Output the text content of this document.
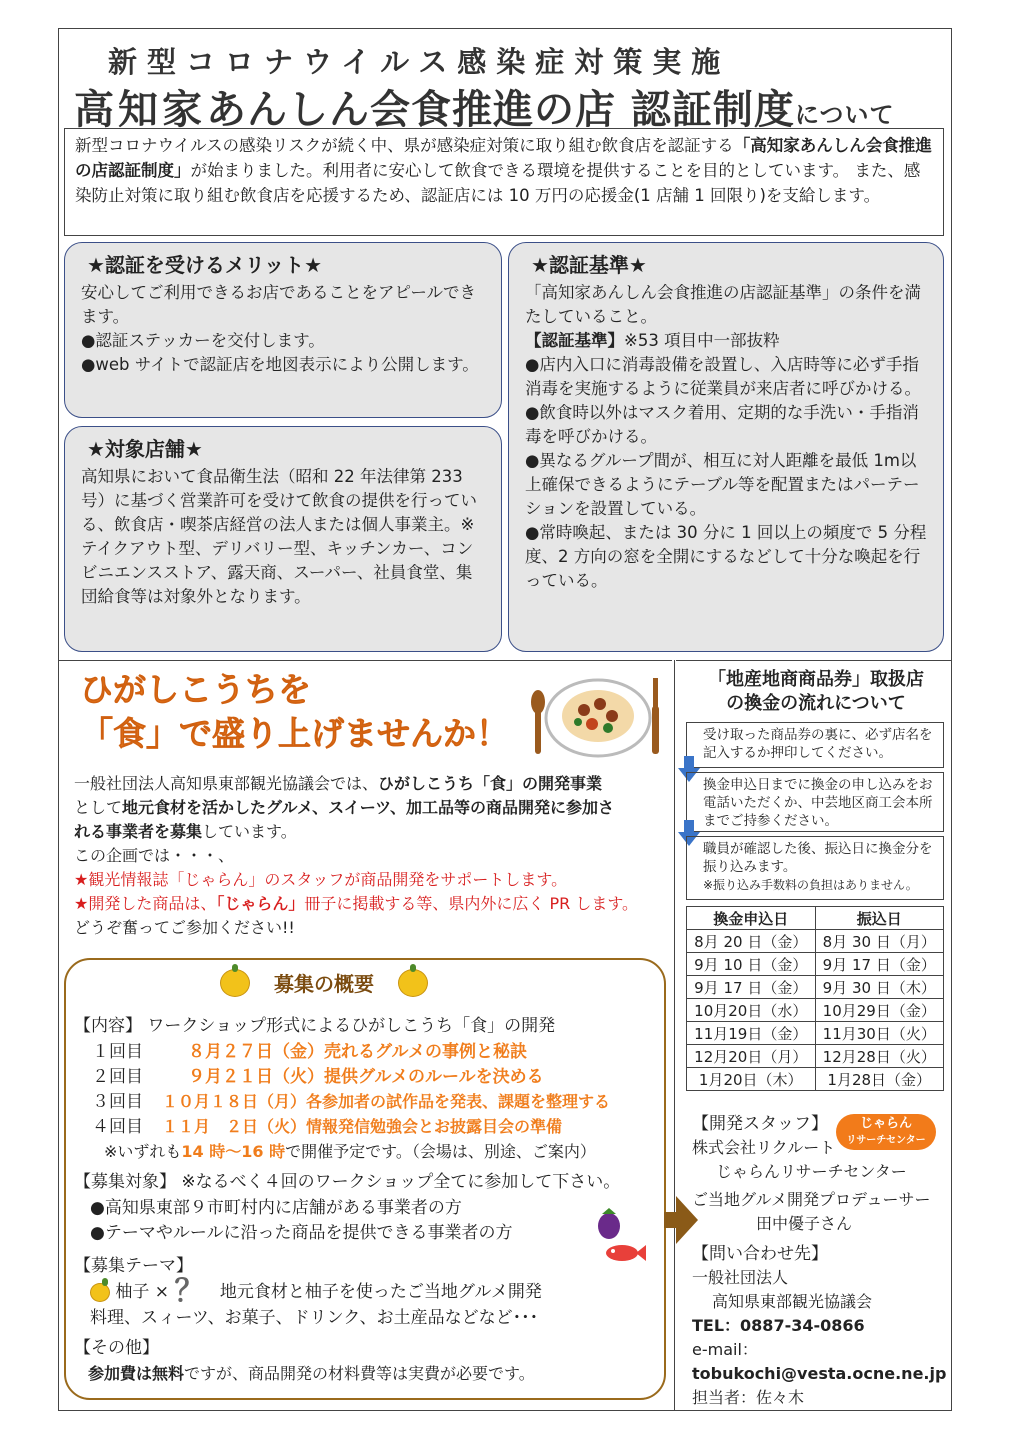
新型コロナウイルス感染症対策実施
高知家あんしん会食推進の店 認証制度について
新型コロナウイルスの感染リスクが続く中、県が感染症対策に取り組む飲食店を認証する「高知家あんしん会食推進の店認証制度」が始まりました。利用者に安心して飲食できる環境を提供することを目的としています。 また、感染防止対策に取り組む飲食店を応援するため、認証店には 10 万円の応援金(1 店舗 1 回限り)を支給します。
★認証を受けるメリット★

安心してご利用できるお店であることをアピールできます。

●認証ステッカーを交付します。

●web サイトで認証店を地図表示により公開します。

★対象店舗★

高知県において食品衛生法（昭和 22 年法律第 233 号）に基づく営業許可を受けて飲食の提供を行っている、飲食店・喫茶店経営の法人または個人事業主。※テイクアウト型、デリバリー型、キッチンカー、コンビニエンスストア、露天商、スーパー、社員食堂、集団給食等は対象外となります。

★認証基準★

「高知家あんしん会食推進の店認証基準」の条件を満たしていること。

【認証基準】※53 項目中一部抜粋

●店内入口に消毒設備を設置し、入店時等に必ず手指消毒を実施するように従業員が来店者に呼びかける。

●飲食時以外はマスク着用、定期的な手洗い・手指消毒を呼びかける。

●異なるグループ間が、相互に対人距離を最低 1m以上確保できるようにテーブル等を配置またはパーテーションを設置している。

●常時喚起、または 30 分に 1 回以上の頻度で 5 分程度、2 方向の窓を全開にするなどして十分な喚起を行っている。

ひがしこうちを
「食」で盛り上げませんか！

一般社団法人高知県東部観光協議会では、ひがしこうち「食」の開発事業

として地元食材を活かしたグルメ、スイーツ、加工品等の商品開発に参加さ

れる事業者を募集しています。

この企画では・・・、

★観光情報誌「じゃらん」のスタッフが商品開発をサポートします。

★開発した商品は、「じゃらん」冊子に掲載する等、県内外に広く PR します。

どうぞ奮ってご参加ください!!

募集の概要
【内容】 ワークショップ形式によるひがしこうち「食」の開発
１回目	８月２７日（金）売れるグルメの事例と秘訣
２回目	９月２１日（火）提供グルメのルールを決める
３回目 １０月１８日（月）各参加者の試作品を発表、課題を整理する
４回目 １１月　２日（火）情報発信勉強会とお披露目会の準備
※いずれも14 時～16 時で開催予定です。（会場は、別途、ご案内）
【募集対象】 ※なるべく４回のワークショップ全てに参加して下さい。
●高知県東部９市町村内に店舗がある事業者の方
●テーマやルールに沿った商品を提供できる事業者の方
【募集テーマ】
柚子 × ？ 地元食材と柚子を使ったご当地グルメ開発
料理、スィーツ、お菓子、ドリンク、お土産品などなど･･･
【その他】
参加費は無料ですが、商品開発の材料費等は実費が必要です。
「地産地商商品券」取扱店
の換金の流れについて
受け取った商品券の裏に、必ず店名を記入するか押印してください。
換金申込日までに換金の申し込みをお電話いただくか、中芸地区商工会本所までご持参ください。
職員が確認した後、振込日に換金分を振り込みます。
※振り込み手数料の負担はありません。
換金申込日	振込日
8月 20 日（金）	8月 30 日（月）
9月 10 日（金）	9月 17 日（金）
9月 17 日（金）	9月 30 日（木）
10月20日（水）	10月29日（金）
11月19日（金）	11月30日（火）
12月20日（月）	12月28日（火）
1月20日（木）	1月28日（金）
じゃらん
リサーチセンター
【開発スタッフ】
株式会社リクルート
じゃらんリサーチセンター
ご当地グルメ開発プロデューサー
田中優子さん
【問い合わせ先】
一般社団法人
高知県東部観光協議会
TEL：0887-34-0866
e-mail：
tobukochi@vesta.ocne.ne.jp
担当者：佐々木
